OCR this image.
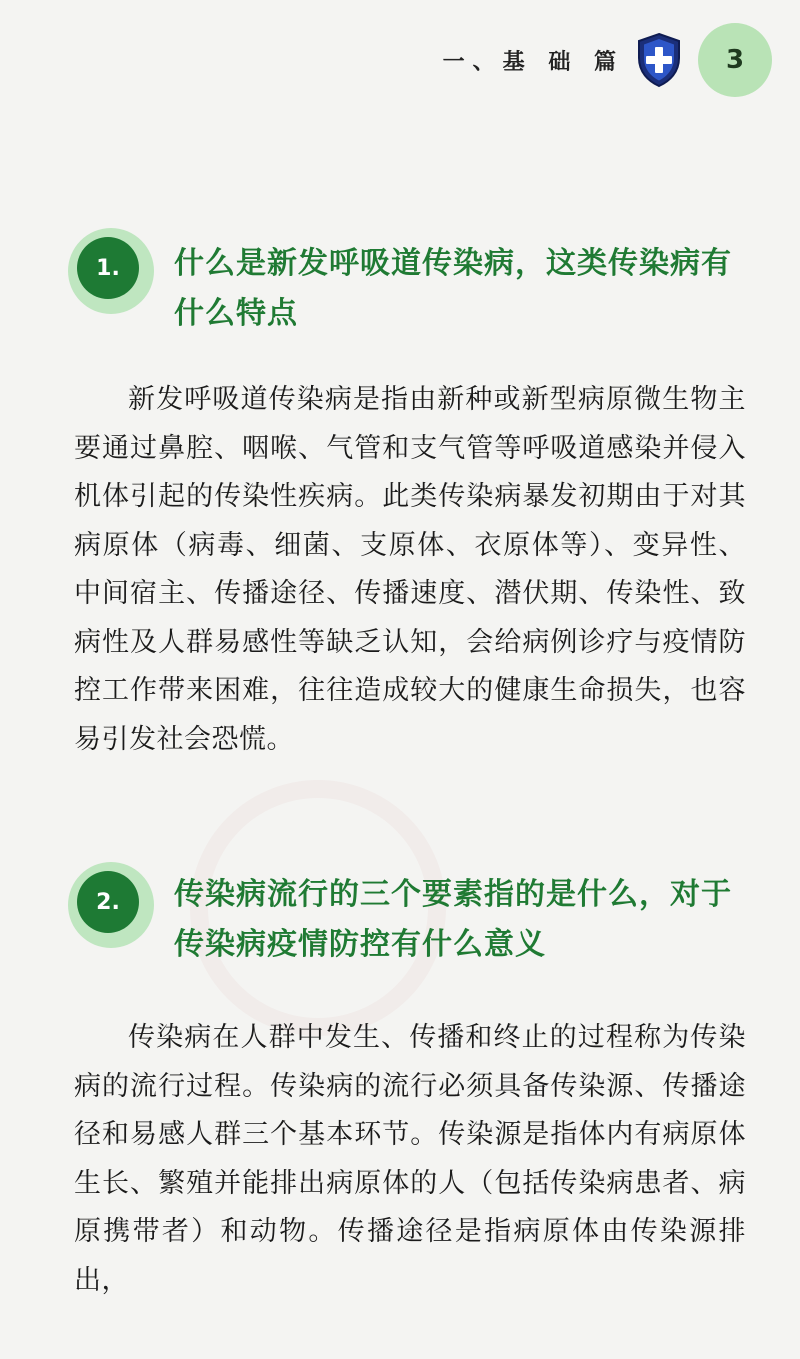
一、基 础 篇	3
1.	什么是新发呼吸道传染病，这类传染病有什么特点
新发呼吸道传染病是指由新种或新型病原微生物主要通过鼻腔、咽喉、气管和支气管等呼吸道感染并侵入机体引起的传染性疾病。此类传染病暴发初期由于对其病原体（病毒、细菌、支原体、衣原体等）、变异性、中间宿主、传播途径、传播速度、潜伏期、传染性、致病性及人群易感性等缺乏认知，会给病例诊疗与疫情防控工作带来困难，往往造成较大的健康生命损失，也容易引发社会恐慌。
2.	传染病流行的三个要素指的是什么，对于传染病疫情防控有什么意义
传染病在人群中发生、传播和终止的过程称为传染病的流行过程。传染病的流行必须具备传染源、传播途径和易感人群三个基本环节。传染源是指体内有病原体生长、繁殖并能排出病原体的人（包括传染病患者、病原携带者）和动物。传播途径是指病原体由传染源排出，
